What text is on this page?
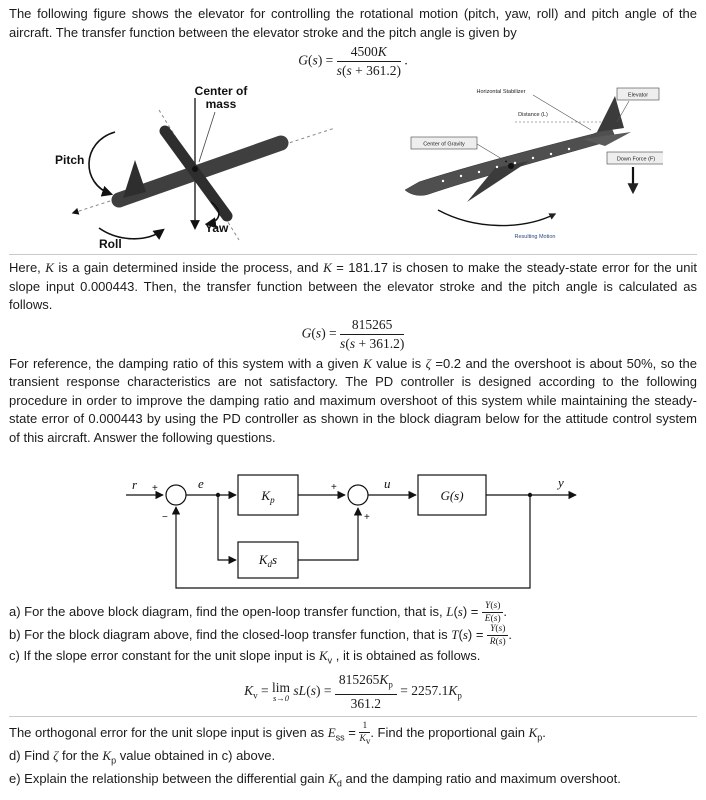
The following figure shows the elevator for controlling the rotational motion (pitch, yaw, roll) and pitch angle of the aircraft. The transfer function between the elevator stroke and the pitch angle is given by

$G(s) = \frac{4500K}{s(s + 361.2)}$ .
Center of
mass
Pitch
Yaw
Roll
Horizontal Stabilizer
Elevator
Distance (L)
Center of Gravity
Down Force (F)
Resulting Motion

Here, K is a gain determined inside the process, and K = 181.17 is chosen to make the steady-state error for the unit slope input 0.000443. Then, the transfer function between the elevator stroke and the pitch angle is calculated as follows.

$G(s) = \frac{815265}{s(s + 361.2)}$

For reference, the damping ratio of this system with a given K value is ζ =0.2 and the overshoot is about 50%, so the transient response characteristics are not satisfactory. The PD controller is designed according to the following procedure in order to improve the damping ratio and maximum overshoot of this system while maintaining the steady-state error of 0.000443 by using the PD controller as shown in the block diagram below for the attitude control system of this aircraft. Answer the following questions.

r	e	u	y
G(s)
$K_p$
$K_ds$
+
−
+
+

a) For the above block diagram, find the open-loop transfer function, that is, $L(s) = \frac{Y(s)}{E(s)}$ .

b) For the block diagram above, find the closed-loop transfer function, that is $T(s) = \frac{Y(s)}{R(s)}$ .

c) If the slope error constant for the unit slope input is $K_v$ , it is obtained as follows.

$K_v = \lim$
s→0 $sL(s) = \frac{815265K_p}{361.2} = 2257.1K_p$

The orthogonal error for the unit slope input is given as $E_{ss} = \frac{1}{K_v}$ . Find the proportional gain $K_p$.

d) Find ζ for the $K_p$ value obtained in c) above.

e) Explain the relationship between the differential gain $K_d$ and the damping ratio and maximum overshoot.
